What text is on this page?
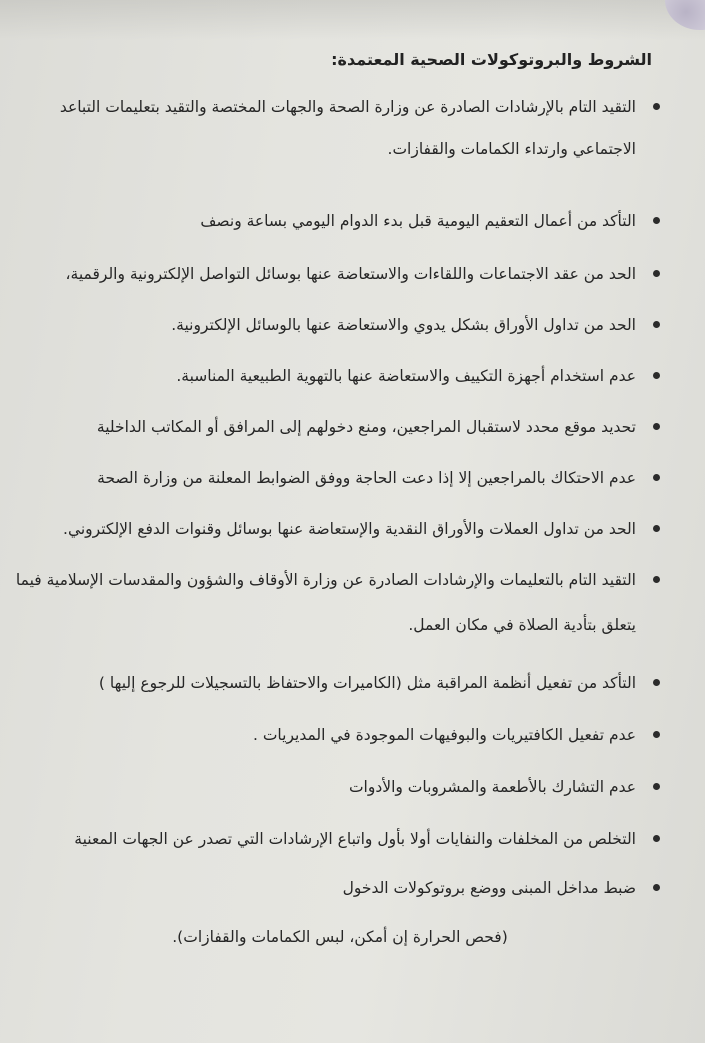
الشروط والبروتوكولات الصحية المعتمدة:
التقيد التام بالإرشادات الصادرة عن وزارة الصحة والجهات المختصة والتقيد بتعليمات التباعد
الاجتماعي وارتداء الكمامات والقفازات.
التأكد من أعمال التعقيم اليومية قبل بدء الدوام اليومي بساعة ونصف
الحد من عقد الاجتماعات واللقاءات والاستعاضة عنها بوسائل التواصل الإلكترونية والرقمية،
الحد من تداول الأوراق بشكل يدوي والاستعاضة عنها بالوسائل الإلكترونية.
عدم استخدام أجهزة التكييف والاستعاضة عنها بالتهوية الطبيعية المناسبة.
تحديد موقع محدد لاستقبال المراجعين، ومنع دخولهم إلى المرافق أو المكاتب الداخلية
عدم الاحتكاك بالمراجعين إلا إذا دعت الحاجة ووفق الضوابط المعلنة من وزارة الصحة
الحد من تداول العملات والأوراق النقدية والإستعاضة عنها بوسائل وقنوات الدفع الإلكتروني.
التقيد التام بالتعليمات والإرشادات الصادرة عن وزارة الأوقاف والشؤون والمقدسات الإسلامية فيما
يتعلق بتأدية الصلاة في مكان العمل.
التأكد من تفعيل أنظمة المراقبة مثل (الكاميرات والاحتفاظ بالتسجيلات للرجوع إليها )
عدم تفعيل الكافتيريات والبوفيهات الموجودة في المديريات .
عدم التشارك بالأطعمة والمشروبات والأدوات
التخلص من المخلفات والنفايات أولا بأول واتباع الإرشادات التي تصدر عن الجهات المعنية
ضبط مداخل المبنى ووضع بروتوكولات الدخول
(فحص الحرارة إن أمكن، لبس الكمامات والقفازات).
